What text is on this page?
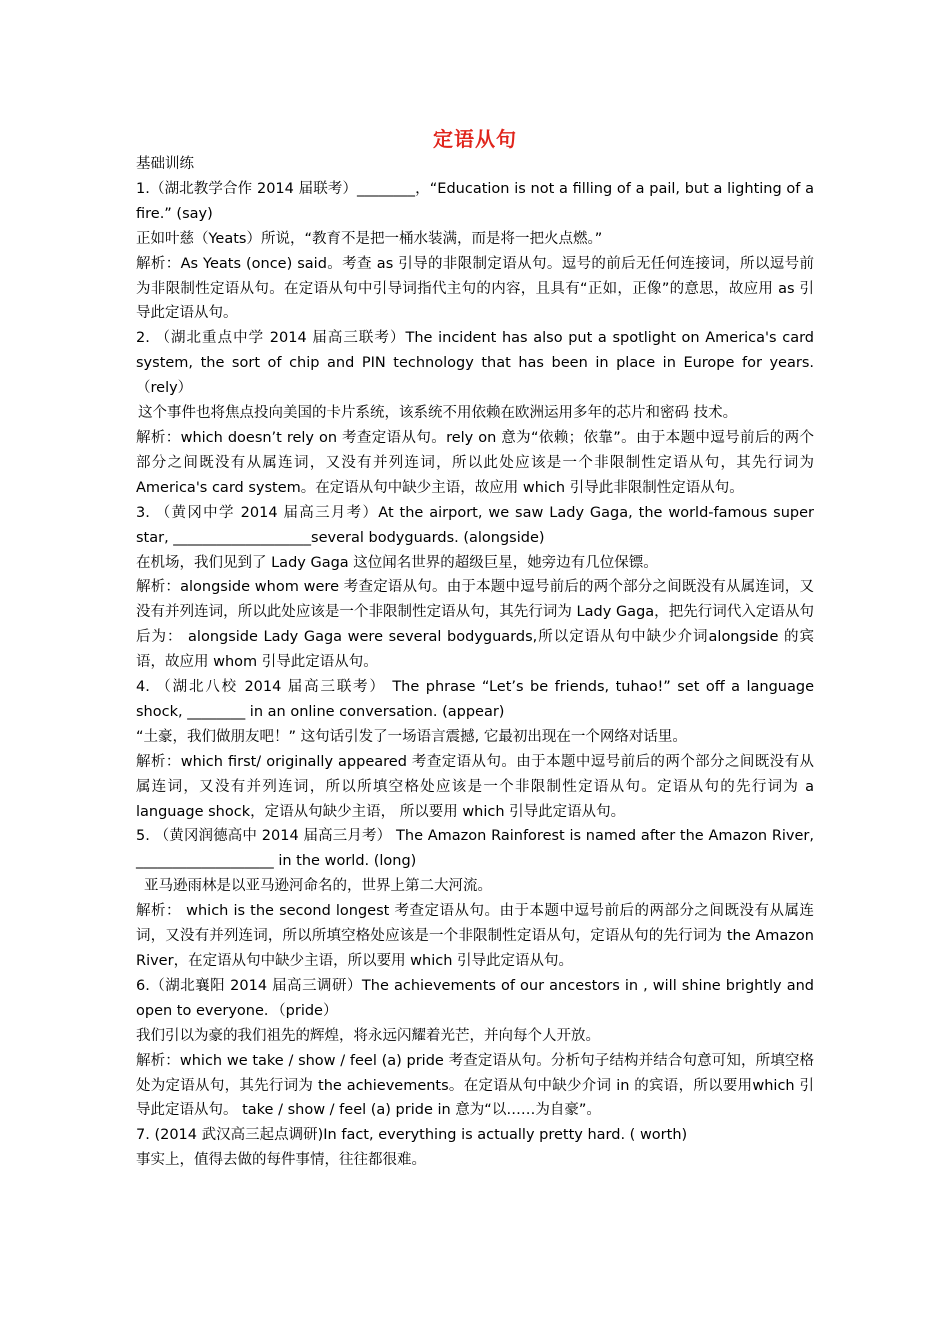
定语从句

基础训练

1.（湖北教学合作 2014 届联考）________，“Education is not a filling of a pail, but a lighting of a fire.” (say)

正如叶慈（Yeats）所说，“教育不是把一桶水装满，而是将一把火点燃。”

解析：As Yeats (once) said。考查 as 引导的非限制定语从句。逗号的前后无任何连接词，所以逗号前为非限制性定语从句。在定语从句中引导词指代主句的内容，且具有“正如，正像”的意思，故应用 as 引导此定语从句。

2. （湖北重点中学 2014 届高三联考）The incident has also put a spotlight on America's card system, the sort of chip and PIN technology that has been in place in Europe for years.（rely）

这个事件也将焦点投向美国的卡片系统，该系统不用依赖在欧洲运用多年的芯片和密码 技术。

解析：which doesn’t rely on 考查定语从句。rely on 意为“依赖；依靠”。由于本题中逗号前后的两个部分之间既没有从属连词，又没有并列连词，所以此处应该是一个非限制性定语从句，其先行词为 America's card system。在定语从句中缺少主语，故应用 which 引导此非限制性定语从句。

3. （黄冈中学 2014 届高三月考）At the airport, we saw Lady Gaga, the world-famous super star, ___________________several bodyguards. (alongside)

在机场，我们见到了 Lady Gaga 这位闻名世界的超级巨星，她旁边有几位保镖。

解析：alongside whom were 考查定语从句。由于本题中逗号前后的两个部分之间既没有从属连词，又没有并列连词，所以此处应该是一个非限制性定语从句，其先行词为 Lady Gaga，把先行词代入定语从句后为： alongside Lady Gaga were several bodyguards,所以定语从句中缺少介词alongside 的宾语，故应用 whom 引导此定语从句。

4. （湖北八校 2014 届高三联考） The phrase “Let’s be friends, tuhao!” set off a language shock, ________ in an online conversation. (appear)

“土豪，我们做朋友吧！” 这句话引发了一场语言震撼, 它最初出现在一个网络对话里。

解析：which first/ originally appeared 考查定语从句。由于本题中逗号前后的两个部分之间既没有从属连词，又没有并列连词，所以所填空格处应该是一个非限制性定语从句。定语从句的先行词为 a language shock，定语从句缺少主语， 所以要用 which 引导此定语从句。

5. （黄冈润德高中 2014 届高三月考） The Amazon Rainforest is named after the Amazon River, ___________________ in the world. (long)

亚马逊雨林是以亚马逊河命名的，世界上第二大河流。

解析： which is the second longest 考查定语从句。由于本题中逗号前后的两部分之间既没有从属连词，又没有并列连词，所以所填空格处应该是一个非限制性定语从句，定语从句的先行词为 the Amazon River，在定语从句中缺少主语，所以要用 which 引导此定语从句。

6.（湖北襄阳 2014 届高三调研）The achievements of our ancestors in , will shine brightly and open to everyone．（pride）

我们引以为豪的我们祖先的辉煌，将永远闪耀着光芒，并向每个人开放。

解析：which we take / show / feel (a) pride 考查定语从句。分析句子结构并结合句意可知，所填空格处为定语从句，其先行词为 the achievements。在定语从句中缺少介词 in 的宾语，所以要用which 引导此定语从句。 take / show / feel (a) pride in 意为“以……为自豪”。

7. (2014 武汉高三起点调研)In fact, everything is actually pretty hard. ( worth)

事实上，值得去做的每件事情，往往都很难。
